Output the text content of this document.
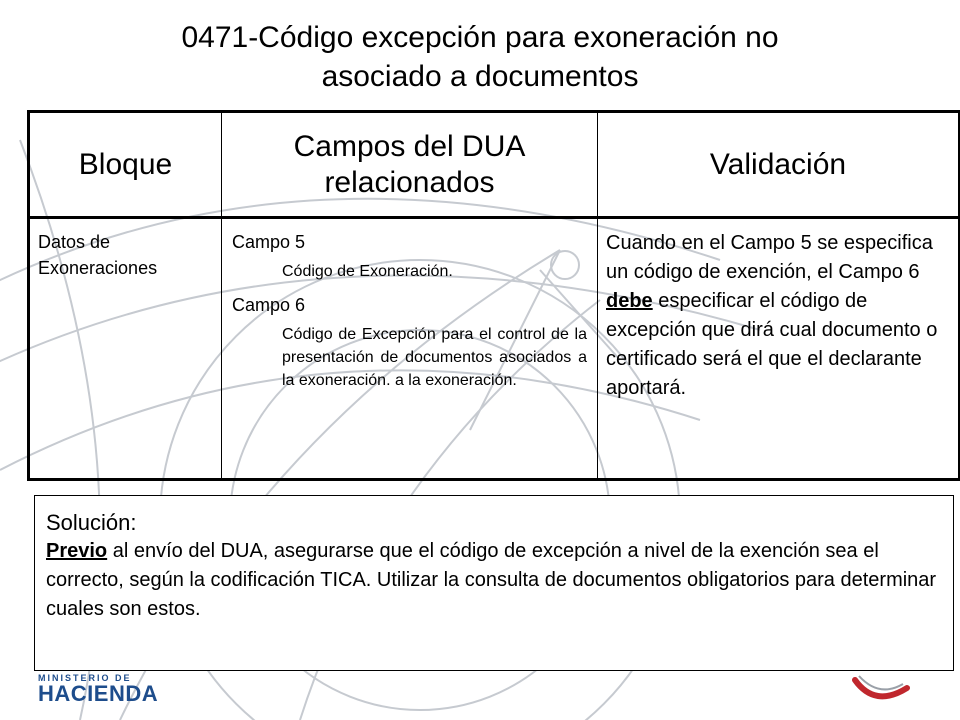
0471-Código excepción para exoneración no
asociado a documentos
Bloque	Campos del DUA relacionados	Validación
Datos de Exoneraciones	Campo 5
Código de Exoneración.
Campo 6
Código de Excepción para el control de la presentación de documentos asociados a la exoneración. a la exoneración.	Cuando en el Campo 5 se especifica un código de exención, el Campo 6 debe especificar el código de excepción que dirá cual documento o certificado será el que el declarante aportará.
Solución:
Previo al envío del DUA, asegurarse que el código de excepción a nivel de la exención sea el correcto, según la codificación TICA. Utilizar la consulta de documentos obligatorios para determinar cuales son estos.
MINISTERIO DE
HACIENDA
